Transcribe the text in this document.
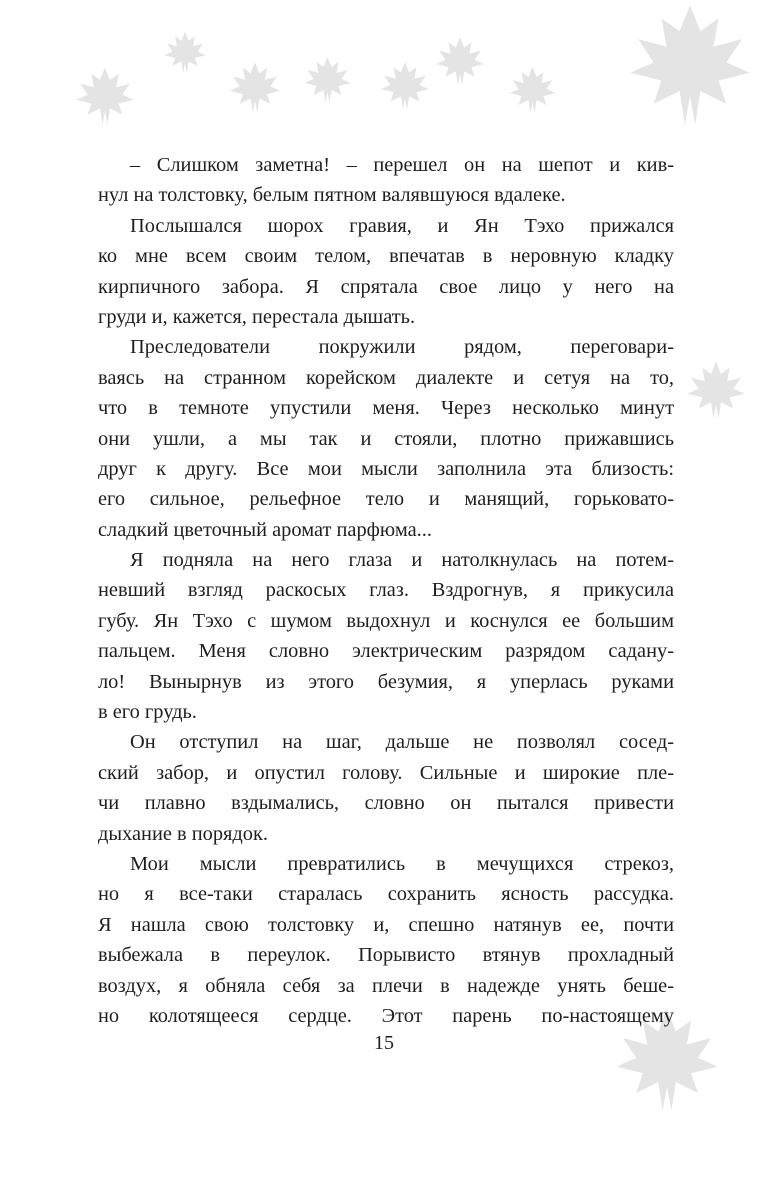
– Слишком заметна! – перешел он на шепот и кив-
нул на толстовку, белым пятном валявшуюся вдалеке.
Послышался шорох гравия, и Ян Тэхо прижался
ко мне всем своим телом, впечатав в неровную кладку
кирпичного забора. Я спрятала свое лицо у него на
груди и, кажется, перестала дышать.
Преследователи покружили рядом, переговари-
ваясь на странном корейском диалекте и сетуя на то,
что в темноте упустили меня. Через несколько минут
они ушли, а мы так и стояли, плотно прижавшись
друг к другу. Все мои мысли заполнила эта близость:
его сильное, рельефное тело и манящий, горьковато-
сладкий цветочный аромат парфюма...
Я подняла на него глаза и натолкнулась на потем-
невший взгляд раскосых глаз. Вздрогнув, я прикусила
губу. Ян Тэхо с шумом выдохнул и коснулся ее большим
пальцем. Меня словно электрическим разрядом садану-
ло! Вынырнув из этого безумия, я уперлась руками
в его грудь.
Он отступил на шаг, дальше не позволял сосед-
ский забор, и опустил голову. Сильные и широкие пле-
чи плавно вздымались, словно он пытался привести
дыхание в порядок.
Мои мысли превратились в мечущихся стрекоз,
но я все-таки старалась сохранить ясность рассудка.
Я нашла свою толстовку и, спешно натянув ее, почти
выбежала в переулок. Порывисто втянув прохладный
воздух, я обняла себя за плечи в надежде унять беше-
но колотящееся сердце. Этот парень по-настоящему
15
